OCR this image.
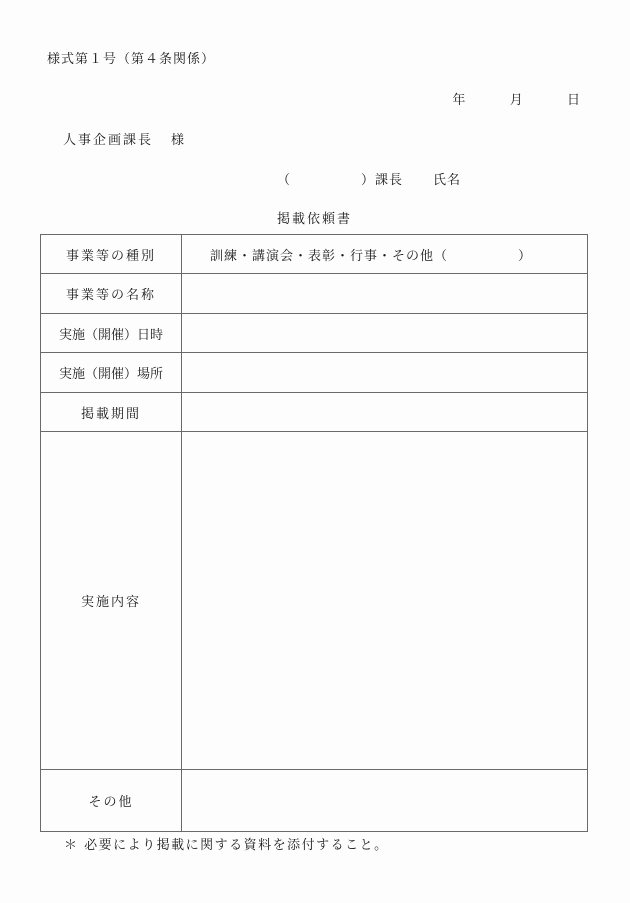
様式第１号（第４条関係）
年	月	日
人事企画課長 様
（	）課長 氏名
掲載依頼書
事業等の種別	訓練・講演会・表彰・行事・その他（ ）
事業等の名称	
実施（開催）日時	
実施（開催）場所	
掲載期間	
実施内容	
その他	
＊ 必要により掲載に関する資料を添付すること。
